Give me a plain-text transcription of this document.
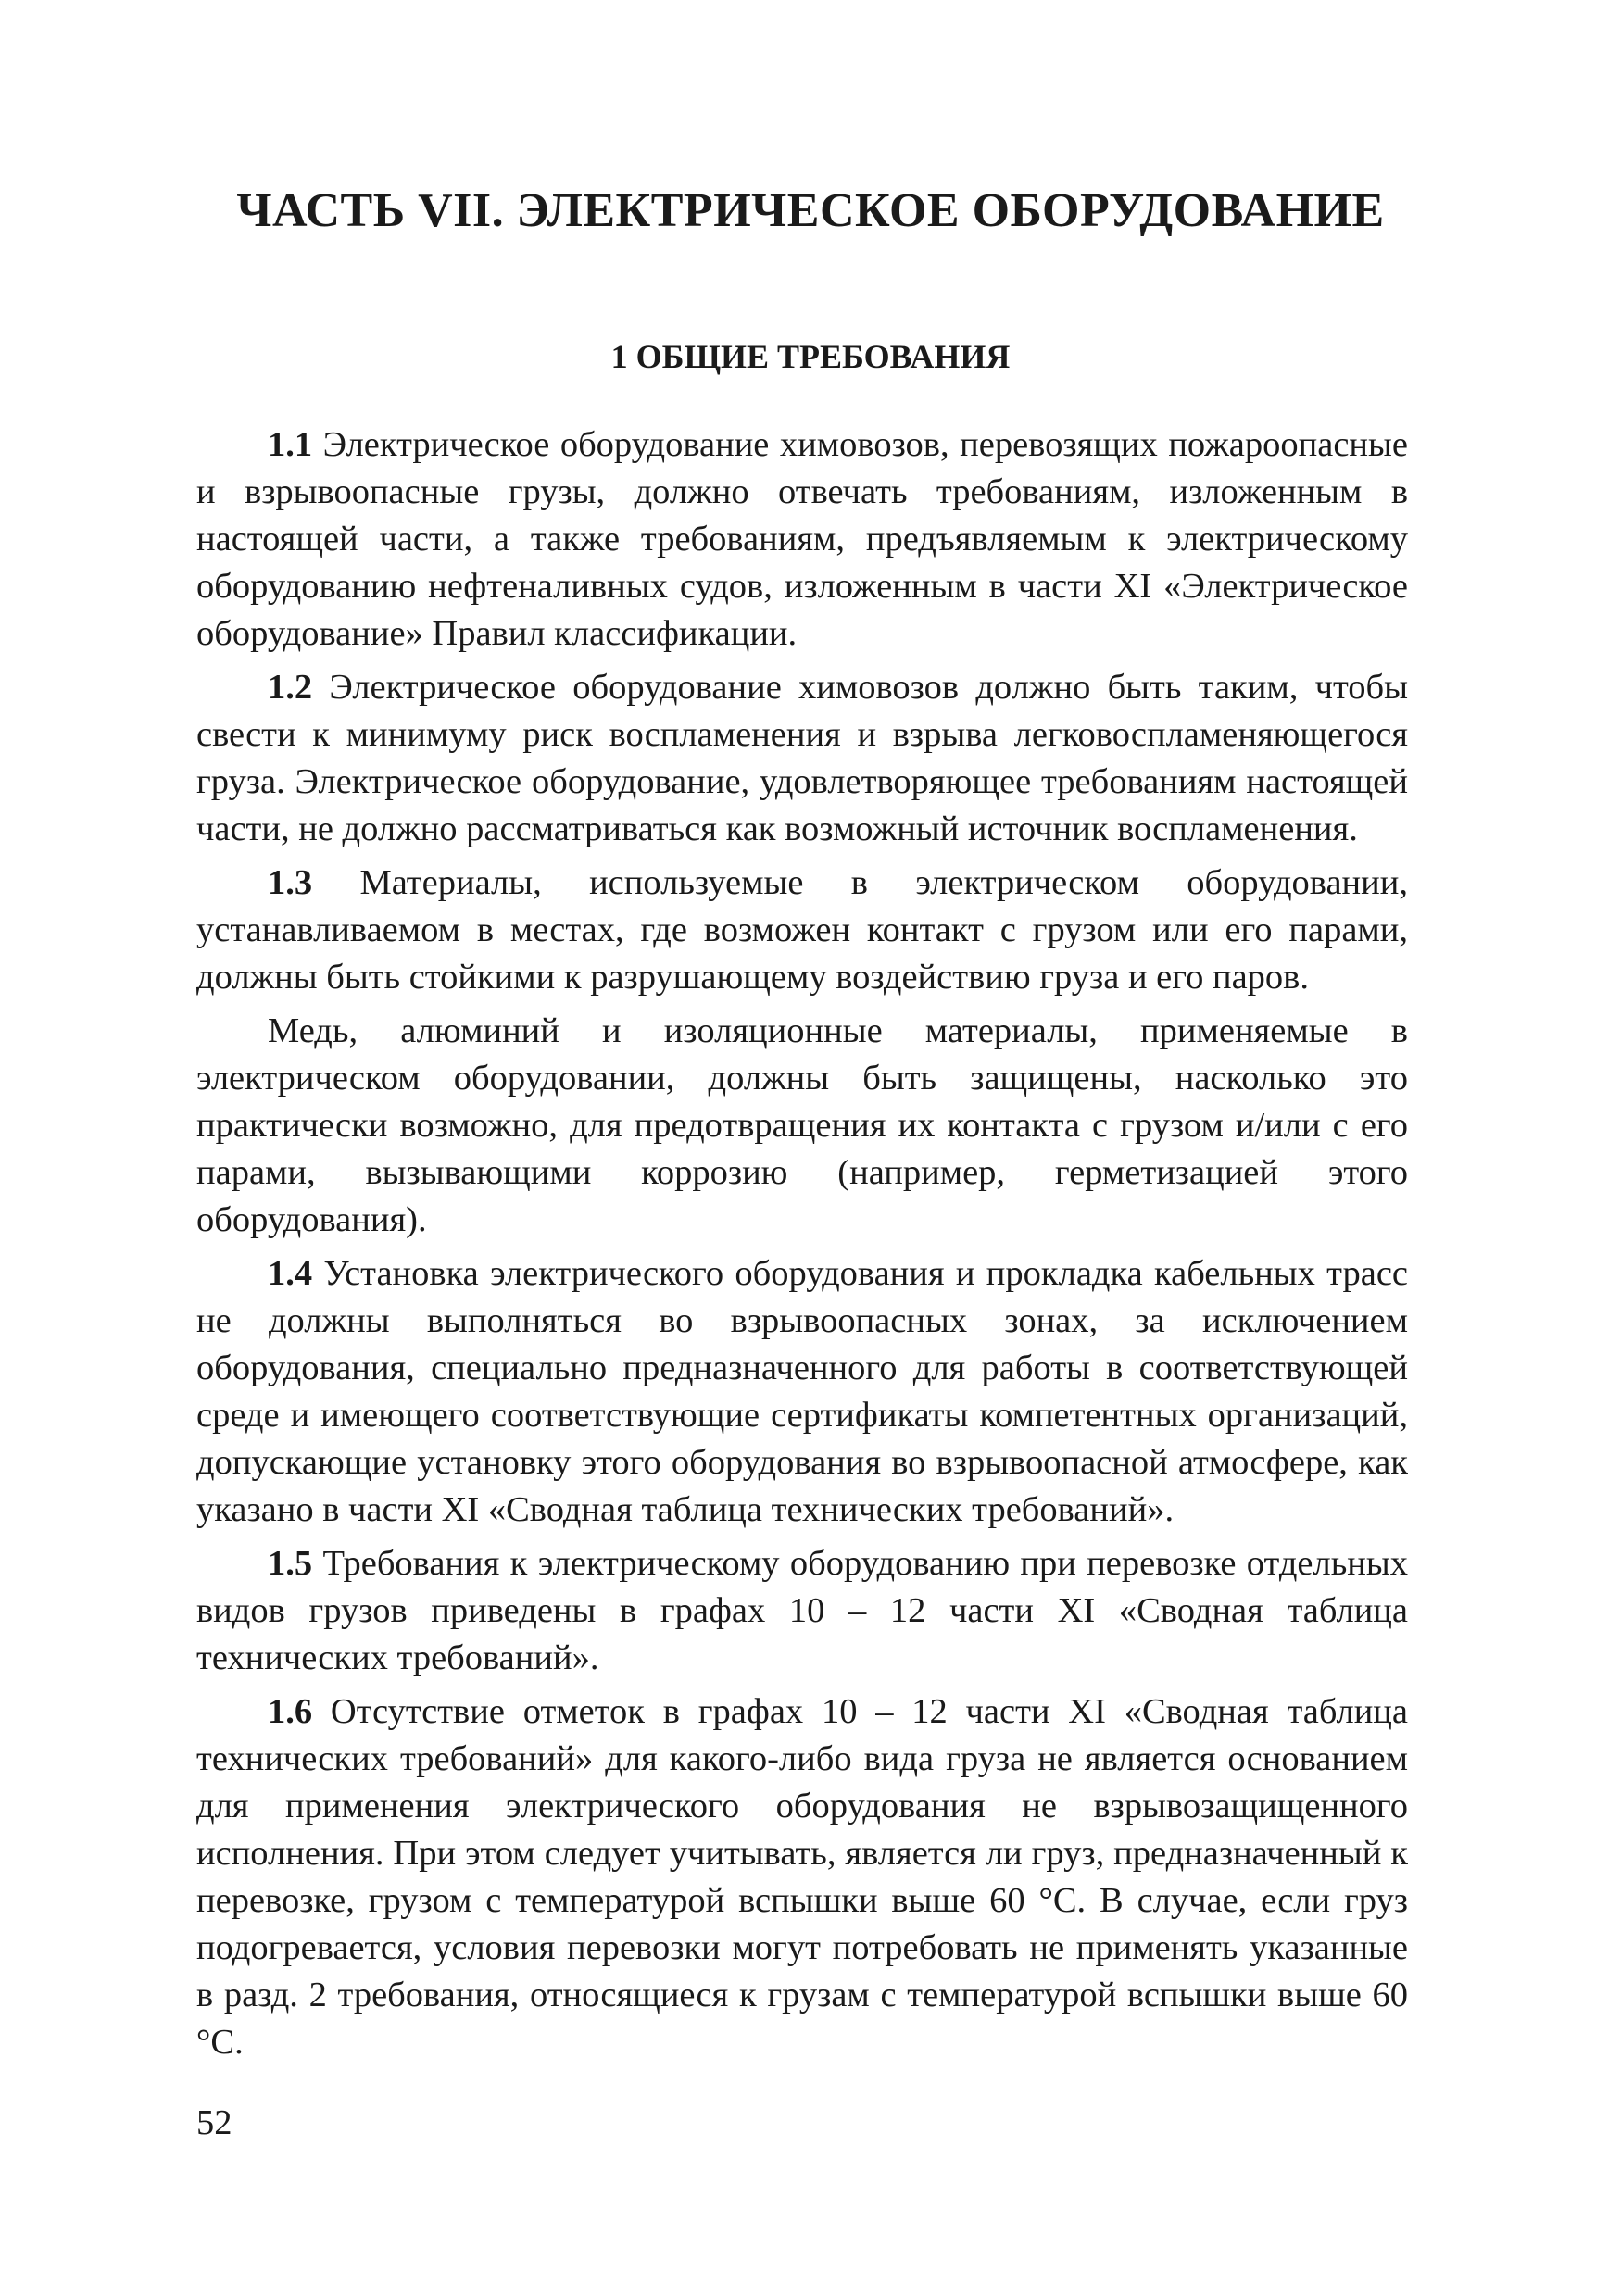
ЧАСТЬ VII. ЭЛЕКТРИЧЕСКОЕ ОБОРУДОВАНИЕ
1 ОБЩИЕ ТРЕБОВАНИЯ

1.1 Электрическое оборудование химовозов, перевозящих пожароопасные и взрывоопасные грузы, должно отвечать требованиям, изложенным в настоящей части, а также требованиям, предъявляемым к электрическому оборудованию нефтеналивных судов, изложенным в части XI «Электрическое оборудование» Правил классификации.

1.2 Электрическое оборудование химовозов должно быть таким, чтобы свести к минимуму риск воспламенения и взрыва легковоспламеняющегося груза. Электрическое оборудование, удовлетворяющее требованиям настоящей части, не должно рассматриваться как возможный источник воспламенения.

1.3 Материалы, используемые в электрическом оборудовании, устанавливаемом в местах, где возможен контакт с грузом или его парами, должны быть стойкими к разрушающему воздействию груза и его паров.

Медь, алюминий и изоляционные материалы, применяемые в электрическом оборудовании, должны быть защищены, насколько это практически возможно, для предотвращения их контакта с грузом и/или с его парами, вызывающими коррозию (например, герметизацией этого оборудования).

1.4 Установка электрического оборудования и прокладка кабельных трасс не должны выполняться во взрывоопасных зонах, за исключением оборудования, специально предназначенного для работы в соответствующей среде и имеющего соответствующие сертификаты компетентных организаций, допускающие установку этого оборудования во взрывоопасной атмосфере, как указано в части XI «Сводная таблица технических требований».

1.5 Требования к электрическому оборудованию при перевозке отдельных видов грузов приведены в графах 10 – 12 части XI «Сводная таблица технических требований».

1.6 Отсутствие отметок в графах 10 – 12 части XI «Сводная таблица технических требований» для какого-либо вида груза не является основанием для применения электрического оборудования не взрывозащищенного исполнения. При этом следует учитывать, является ли груз, предназначенный к перевозке, грузом с температурой вспышки выше 60 °С. В случае, если груз подогревается, условия перевозки могут потребовать не применять указанные в разд. 2 требования, относящиеся к грузам с температурой вспышки выше 60 °С.

52
